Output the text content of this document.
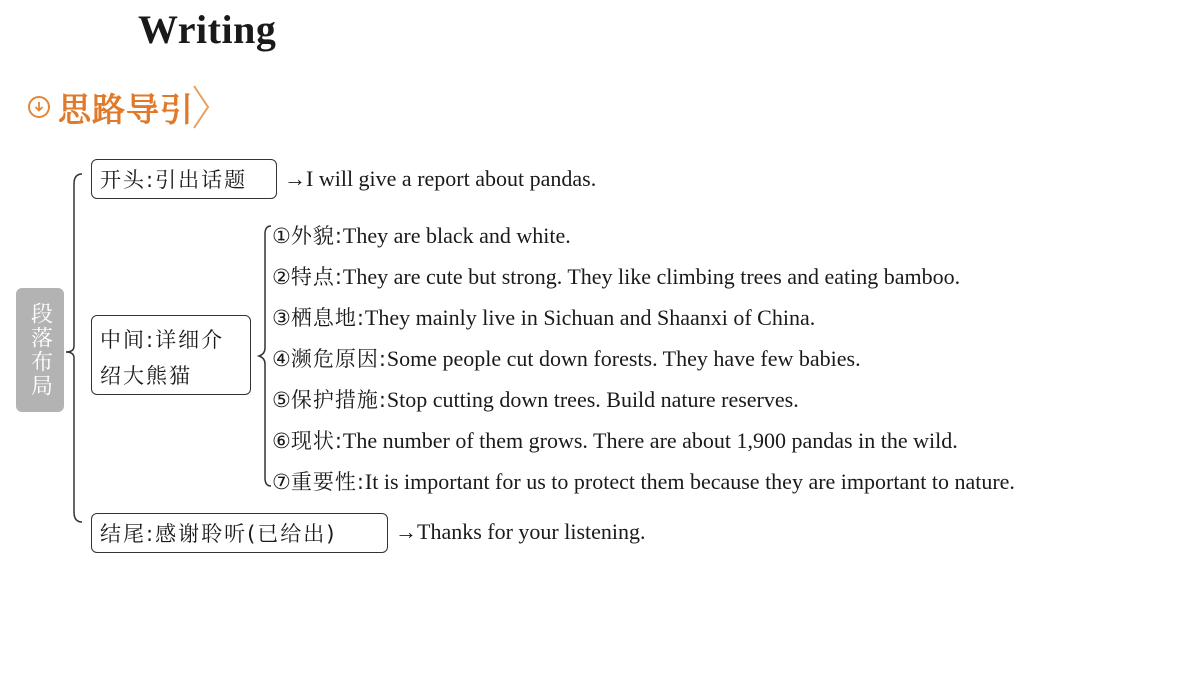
Writing
思路导引
段落布局
开头:引出话题	→I will give a report about pandas.
中间:详细介
绍大熊猫
①外貌:They are black and white.
②特点:They are cute but strong. They like climbing trees and eating bamboo.
③栖息地:They mainly live in Sichuan and Shaanxi of China.
④濒危原因:Some people cut down forests. They have few babies.
⑤保护措施:Stop cutting down trees. Build nature reserves.
⑥现状:The number of them grows. There are about 1,900 pandas in the wild.
⑦重要性:It is important for us to protect them because they are important to nature.
结尾:感谢聆听(已给出)	→Thanks for your listening.
